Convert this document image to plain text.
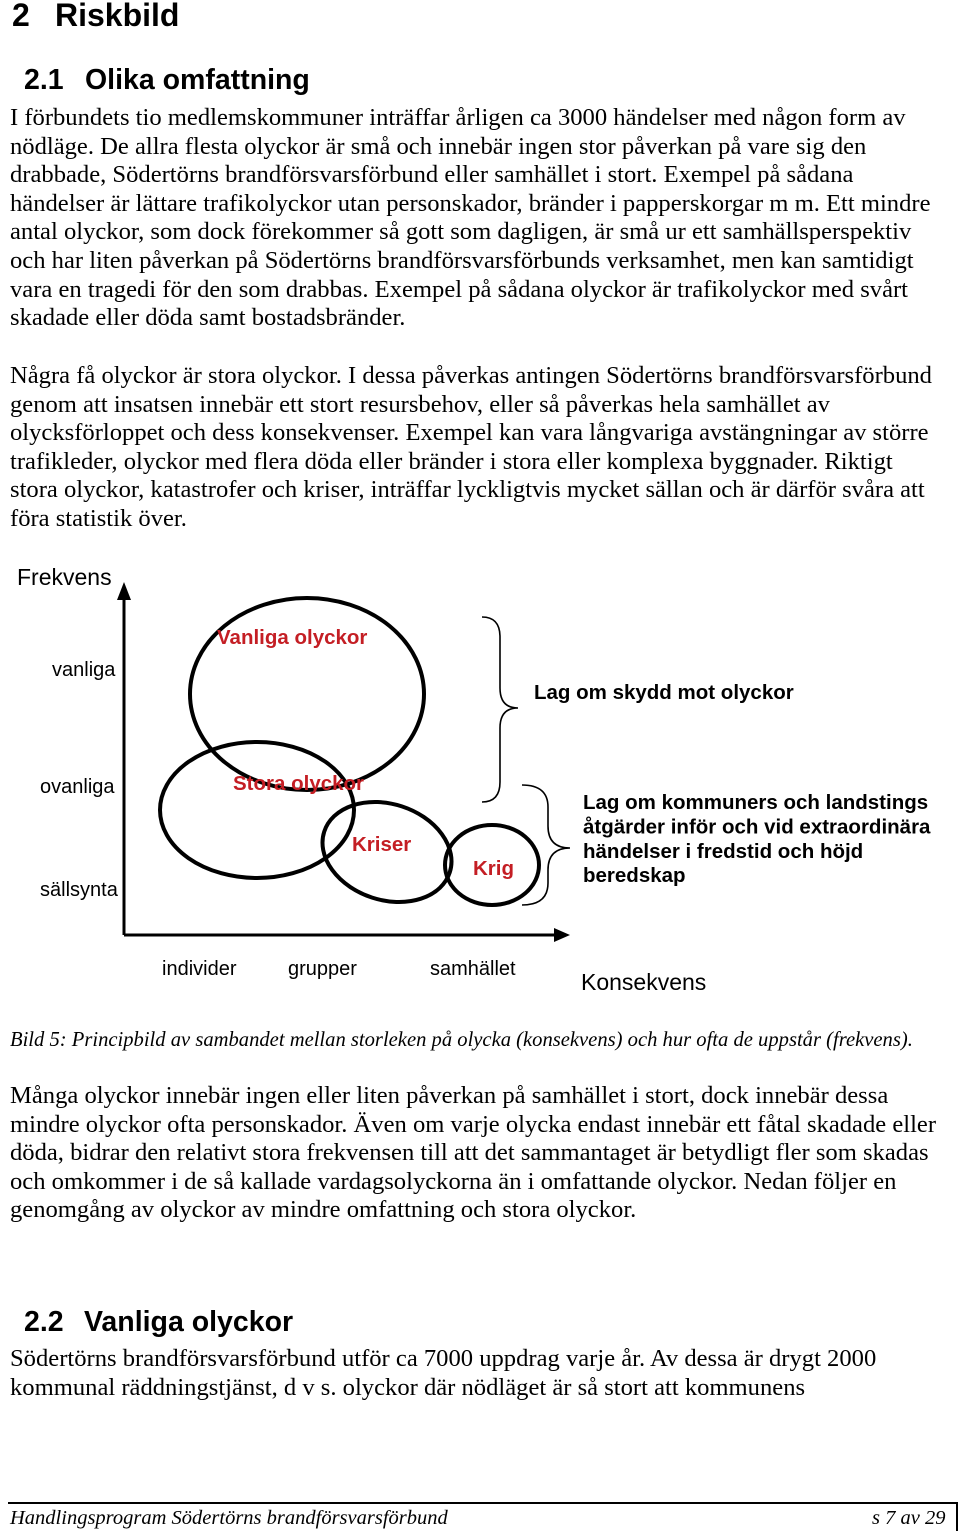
2 Riskbild
2.1 Olika omfattning
I förbundets tio medlemskommuner inträffar årligen ca 3000 händelser med någon form av
nödläge. De allra flesta olyckor är små och innebär ingen stor påverkan på vare sig den
drabbade, Södertörns brandförsvarsförbund eller samhället i stort. Exempel på sådana
händelser är lättare trafikolyckor utan personskador, bränder i papperskorgar m m. Ett mindre
antal olyckor, som dock förekommer så gott som dagligen, är små ur ett samhällsperspektiv
och har liten påverkan på Södertörns brandförsvarsförbunds verksamhet, men kan samtidigt
vara en tragedi för den som drabbas. Exempel på sådana olyckor är trafikolyckor med svårt
skadade eller döda samt bostadsbränder.
Några få olyckor är stora olyckor. I dessa påverkas antingen Södertörns brandförsvarsförbund
genom att insatsen innebär ett stort resursbehov, eller så påverkas hela samhället av
olycksförloppet och dess konsekvenser. Exempel kan vara långvariga avstängningar av större
trafikleder, olyckor med flera döda eller bränder i stora eller komplexa byggnader. Riktigt
stora olyckor, katastrofer och kriser, inträffar lyckligtvis mycket sällan och är därför svåra att
föra statistik över.
Frekvens
Konsekvens
vanliga
ovanliga
sällsynta
individer	grupper	samhället
Vanliga olyckor
Stora olyckor
Kriser
Krig
Lag om skydd mot olyckor
Lag om kommuners och landstings
åtgärder inför och vid extraordinära
händelser i fredstid och höjd
beredskap
Bild 5: Principbild av sambandet mellan storleken på olycka (konsekvens) och hur ofta de uppstår (frekvens).
Många olyckor innebär ingen eller liten påverkan på samhället i stort, dock innebär dessa
mindre olyckor ofta personskador. Även om varje olycka endast innebär ett fåtal skadade eller
döda, bidrar den relativt stora frekvensen till att det sammantaget är betydligt fler som skadas
och omkommer i de så kallade vardagsolyckorna än i omfattande olyckor. Nedan följer en
genomgång av olyckor av mindre omfattning och stora olyckor.
2.2 Vanliga olyckor
Södertörns brandförsvarsförbund utför ca 7000 uppdrag varje år. Av dessa är drygt 2000
kommunal räddningstjänst, d v s. olyckor där nödläget är så stort att kommunens
Handlingsprogram Södertörns brandförsvarsförbund	s 7 av 29
